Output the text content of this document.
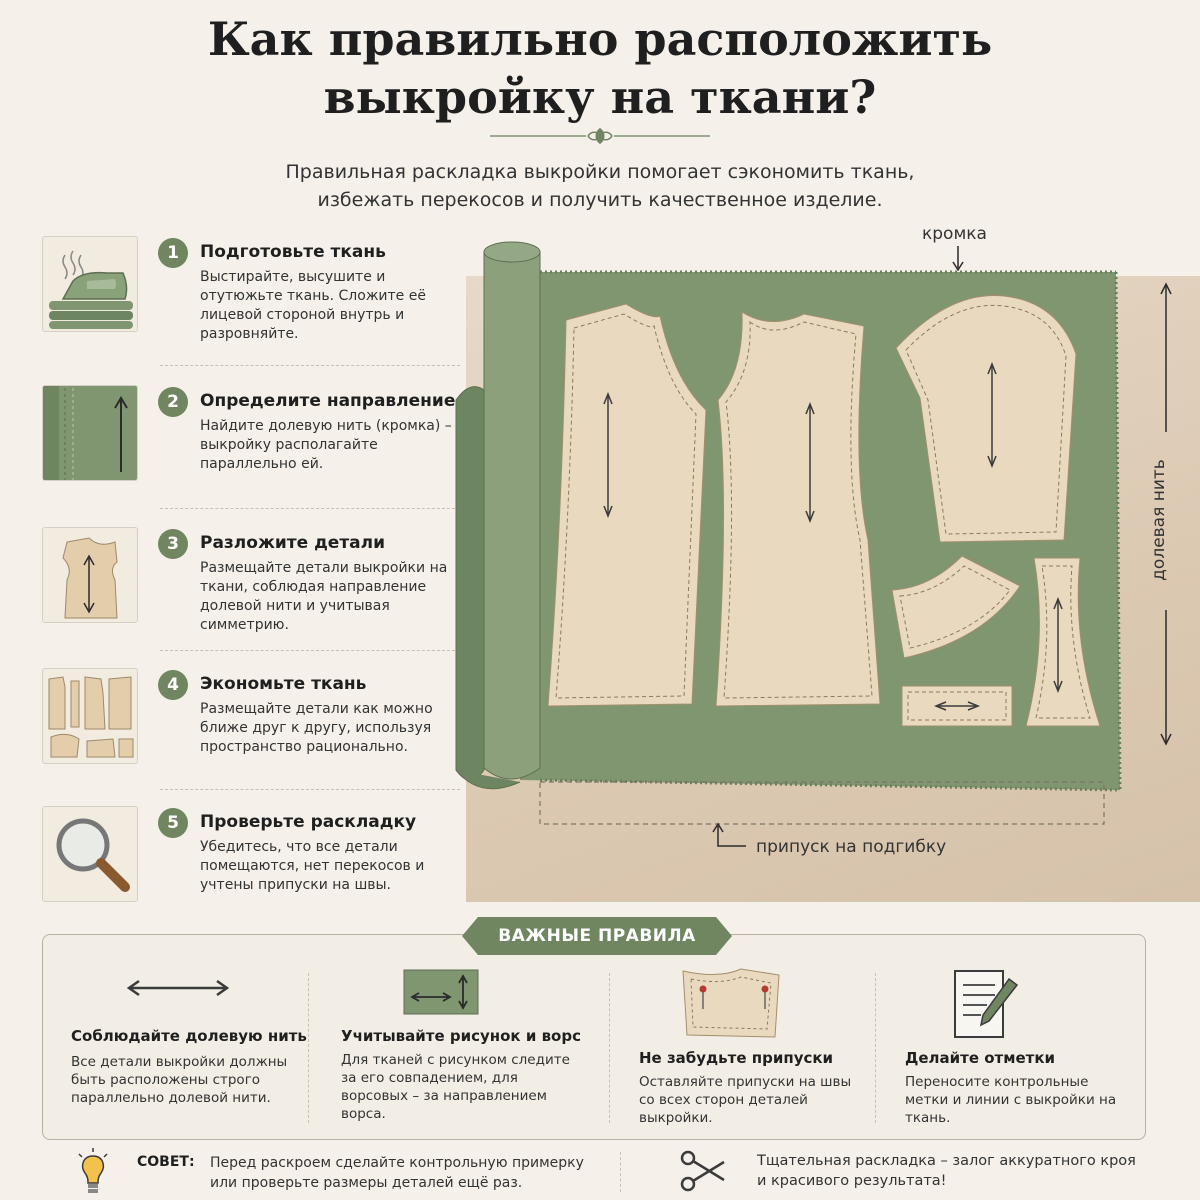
Как правильно расположить
выкройку на ткани?
Правильная раскладка выкройки помогает сэкономить ткань,
избежать перекосов и получить качественное изделие.
1	Подготовьте ткань
Выстирайте, высушите и отутюжьте ткань. Сложите её лицевой стороной внутрь и разровняйте.
2	Определите направление
Найдите долевую нить (кромка) – выкройку располагайте параллельно ей.
3	Разложите детали
Размещайте детали выкройки на ткани, соблюдая направление долевой нити и учитывая симметрию.
4	Экономьте ткань
Размещайте детали как можно ближе друг к другу, используя пространство рационально.
5	Проверьте раскладку
Убедитесь, что все детали помещаются, нет перекосов и учтены припуски на швы.
кромка
долевая нить
припуск на подгибку
Соблюдайте долевую нить
Все детали выкройки должны быть расположены строго параллельно долевой нити.
Учитывайте рисунок и ворс
Для тканей с рисунком следите за его совпадением, для ворсовых – за направлением ворса.
Не забудьте припуски
Оставляйте припуски на швы со всех сторон деталей выкройки.
Делайте отметки
Переносите контрольные метки и линии с выкройки на ткань.
ВАЖНЫЕ ПРАВИЛА
СОВЕТ: Перед раскроем сделайте контрольную примерку или проверьте размеры деталей ещё раз.
Тщательная раскладка – залог аккуратного кроя и красивого результата!
